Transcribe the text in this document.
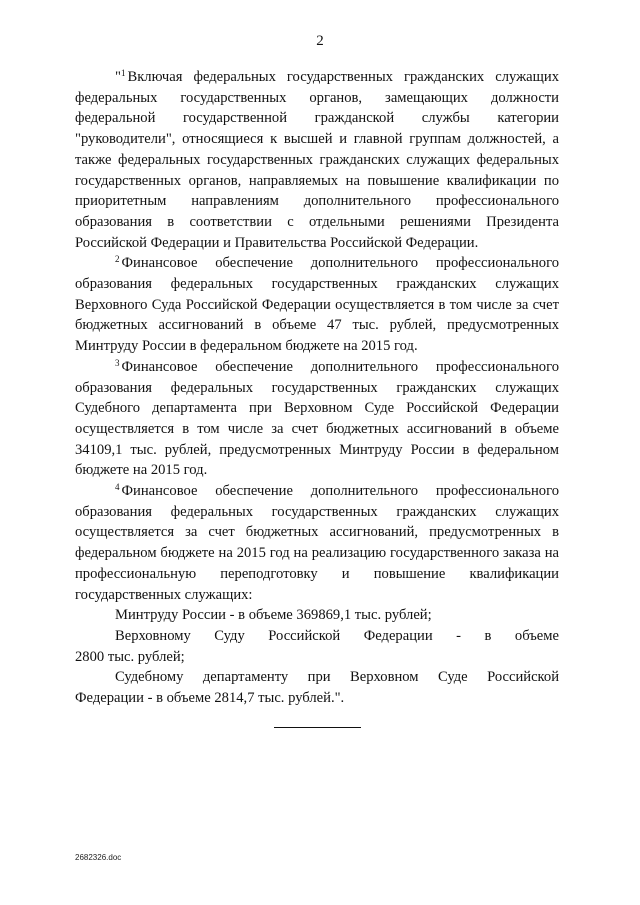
2

"$^1$ Включая федеральных государственных гражданских служащих федеральных государственных органов, замещающих должности федеральной государственной гражданской службы категории "руководители", относящиеся к высшей и главной группам должностей, а также федеральных государственных гражданских служащих федеральных государственных органов, направляемых на повышение квалификации по приоритетным направлениям дополнительного профессионального образования в соответствии с отдельными решениями Президента Российской Федерации и Правительства Российской Федерации.

$^2$ Финансовое обеспечение дополнительного профессионального образования федеральных государственных гражданских служащих Верховного Суда Российской Федерации осуществляется в том числе за счет бюджетных ассигнований в объеме 47 тыс. рублей, предусмотренных Минтруду России в федеральном бюджете на 2015 год.

$^3$ Финансовое обеспечение дополнительного профессионального образования федеральных государственных гражданских служащих Судебного департамента при Верховном Суде Российской Федерации осуществляется в том числе за счет бюджетных ассигнований в объеме 34109,1 тыс. рублей, предусмотренных Минтруду России в федеральном бюджете на 2015 год.

$^4$ Финансовое обеспечение дополнительного профессионального образования федеральных государственных гражданских служащих осуществляется за счет бюджетных ассигнований, предусмотренных в федеральном бюджете на 2015 год на реализацию государственного заказа на профессиональную переподготовку и повышение квалификации государственных служащих:

Минтруду России - в объеме 369869,1 тыс. рублей;

Верховному Суду Российской Федерации - в объеме

2800 тыс. рублей;

Судебному департаменту при Верховном Суде Российской

Федерации - в объеме 2814,7 тыс. рублей.".

2682326.doc
